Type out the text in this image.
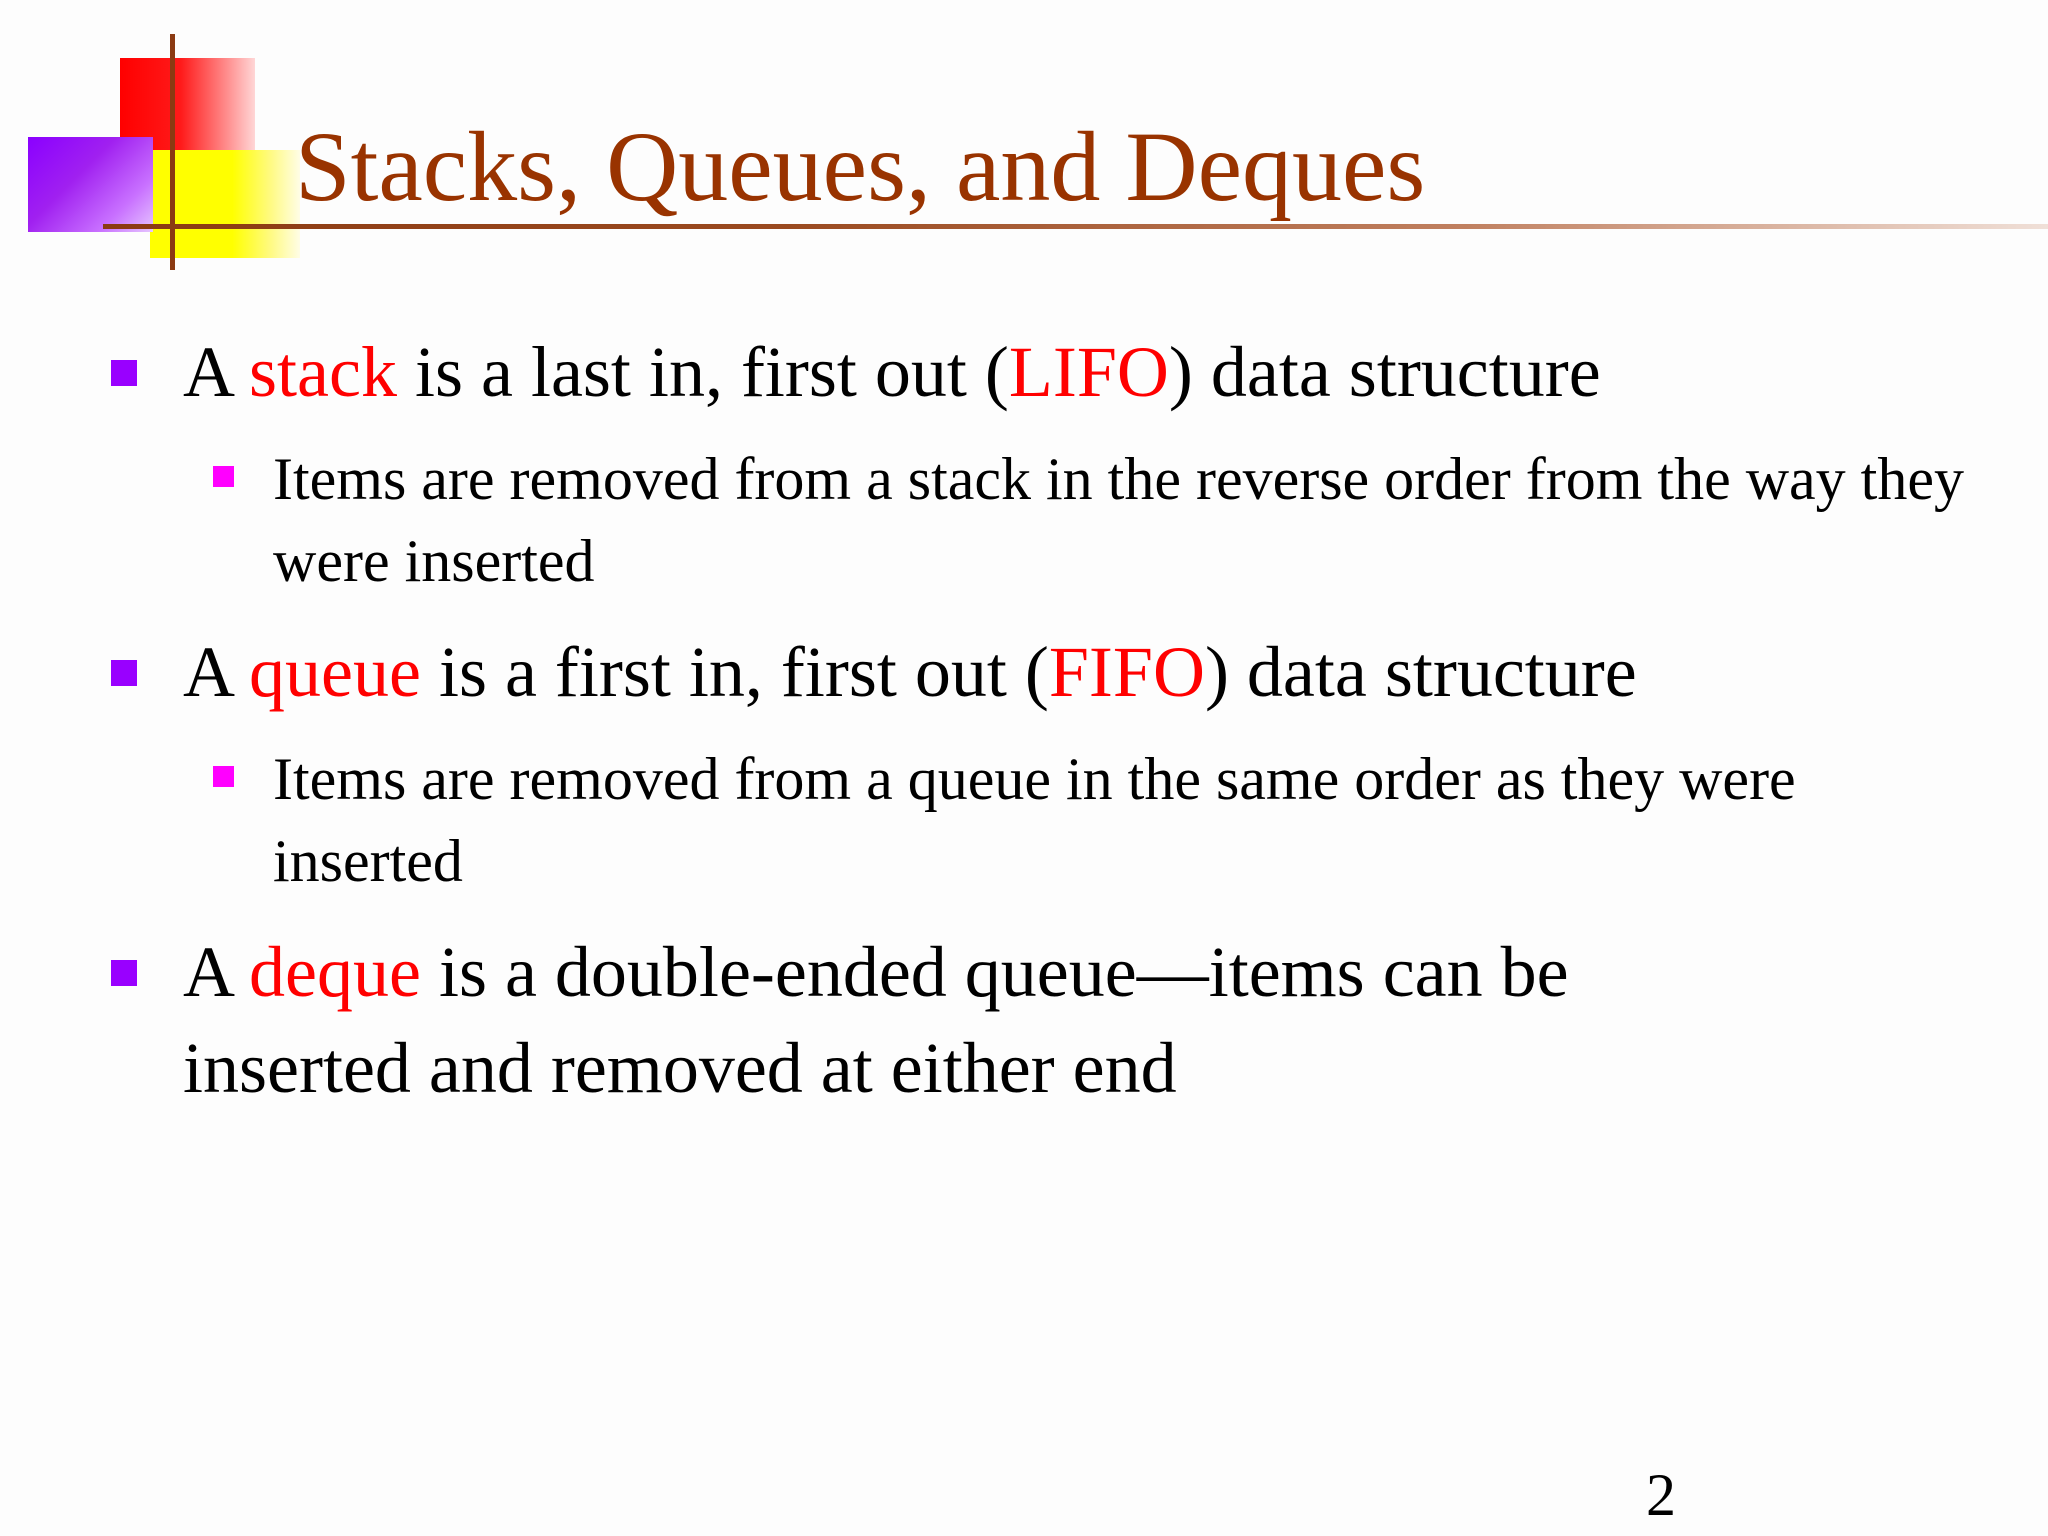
Stacks, Queues, and Deques

A stack is a last in, first out (LIFO) data structure

Items are removed from a stack in the reverse order from the way they were inserted

A queue is a first in, first out (FIFO) data structure

Items are removed from a queue in the same order as they were inserted

A deque is a double-ended queue—items can be inserted and removed at either end

2
